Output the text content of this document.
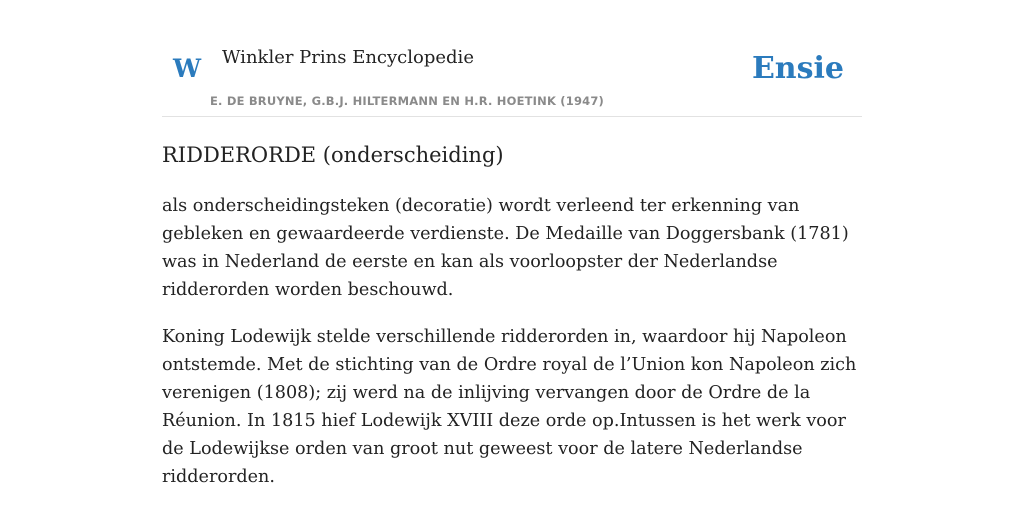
W Winkler Prins Encyclopedie
E. DE BRUYNE, G.B.J. HILTERMANN EN H.R. HOETINK (1947)
Ensie
RIDDERORDE (onderscheiding)

als onderscheidingsteken (decoratie) wordt verleend ter erkenning van gebleken en gewaardeerde verdienste. De Medaille van Doggersbank (1781) was in Nederland de eerste en kan als voorloopster der Nederlandse ridderorden worden beschouwd.

Koning Lodewijk stelde verschillende ridderorden in, waardoor hij Napoleon ontstemde. Met de stichting van de Ordre royal de l’Union kon Napoleon zich verenigen (1808); zij werd na de inlijving vervangen door de Ordre de la Réunion. In 1815 hief Lodewijk XVIII deze orde op.Intussen is het werk voor de Lodewijkse orden van groot nut geweest voor de latere Nederlandse ridderorden.
